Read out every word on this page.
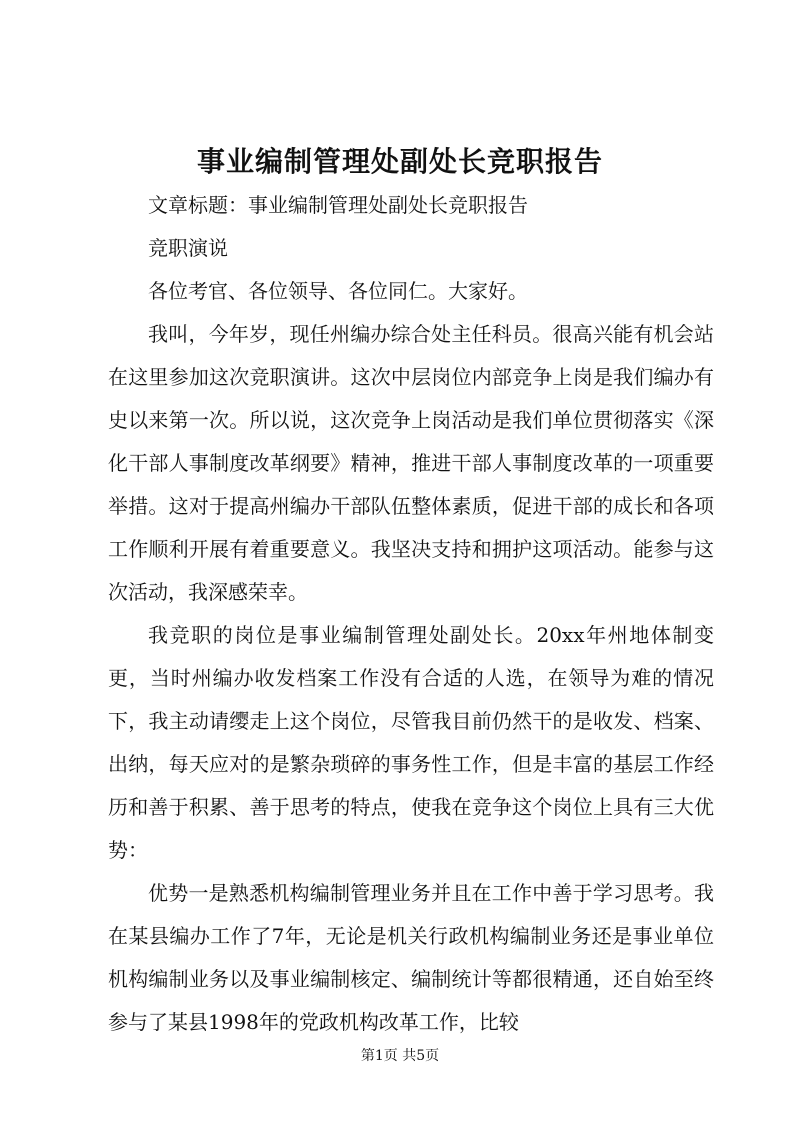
事业编制管理处副处长竞职报告

文章标题：事业编制管理处副处长竞职报告

竞职演说

各位考官、各位领导、各位同仁。大家好。

我叫，今年岁，现任州编办综合处主任科员。很高兴能有机会站在这里参加这次竞职演讲。这次中层岗位内部竞争上岗是我们编办有史以来第一次。所以说，这次竞争上岗活动是我们单位贯彻落实《深化干部人事制度改革纲要》精神，推进干部人事制度改革的一项重要举措。这对于提高州编办干部队伍整体素质，促进干部的成长和各项工作顺利开展有着重要意义。我坚决支持和拥护这项活动。能参与这次活动，我深感荣幸。

我竞职的岗位是事业编制管理处副处长。20xx年州地体制变更，当时州编办收发档案工作没有合适的人选，在领导为难的情况下，我主动请缨走上这个岗位，尽管我目前仍然干的是收发、档案、出纳，每天应对的是繁杂琐碎的事务性工作，但是丰富的基层工作经历和善于积累、善于思考的特点，使我在竞争这个岗位上具有三大优势：

优势一是熟悉机构编制管理业务并且在工作中善于学习思考。我在某县编办工作了7年，无论是机关行政机构编制业务还是事业单位机构编制业务以及事业编制核定、编制统计等都很精通，还自始至终参与了某县1998年的党政机构改革工作，比较

第1页 共5页
